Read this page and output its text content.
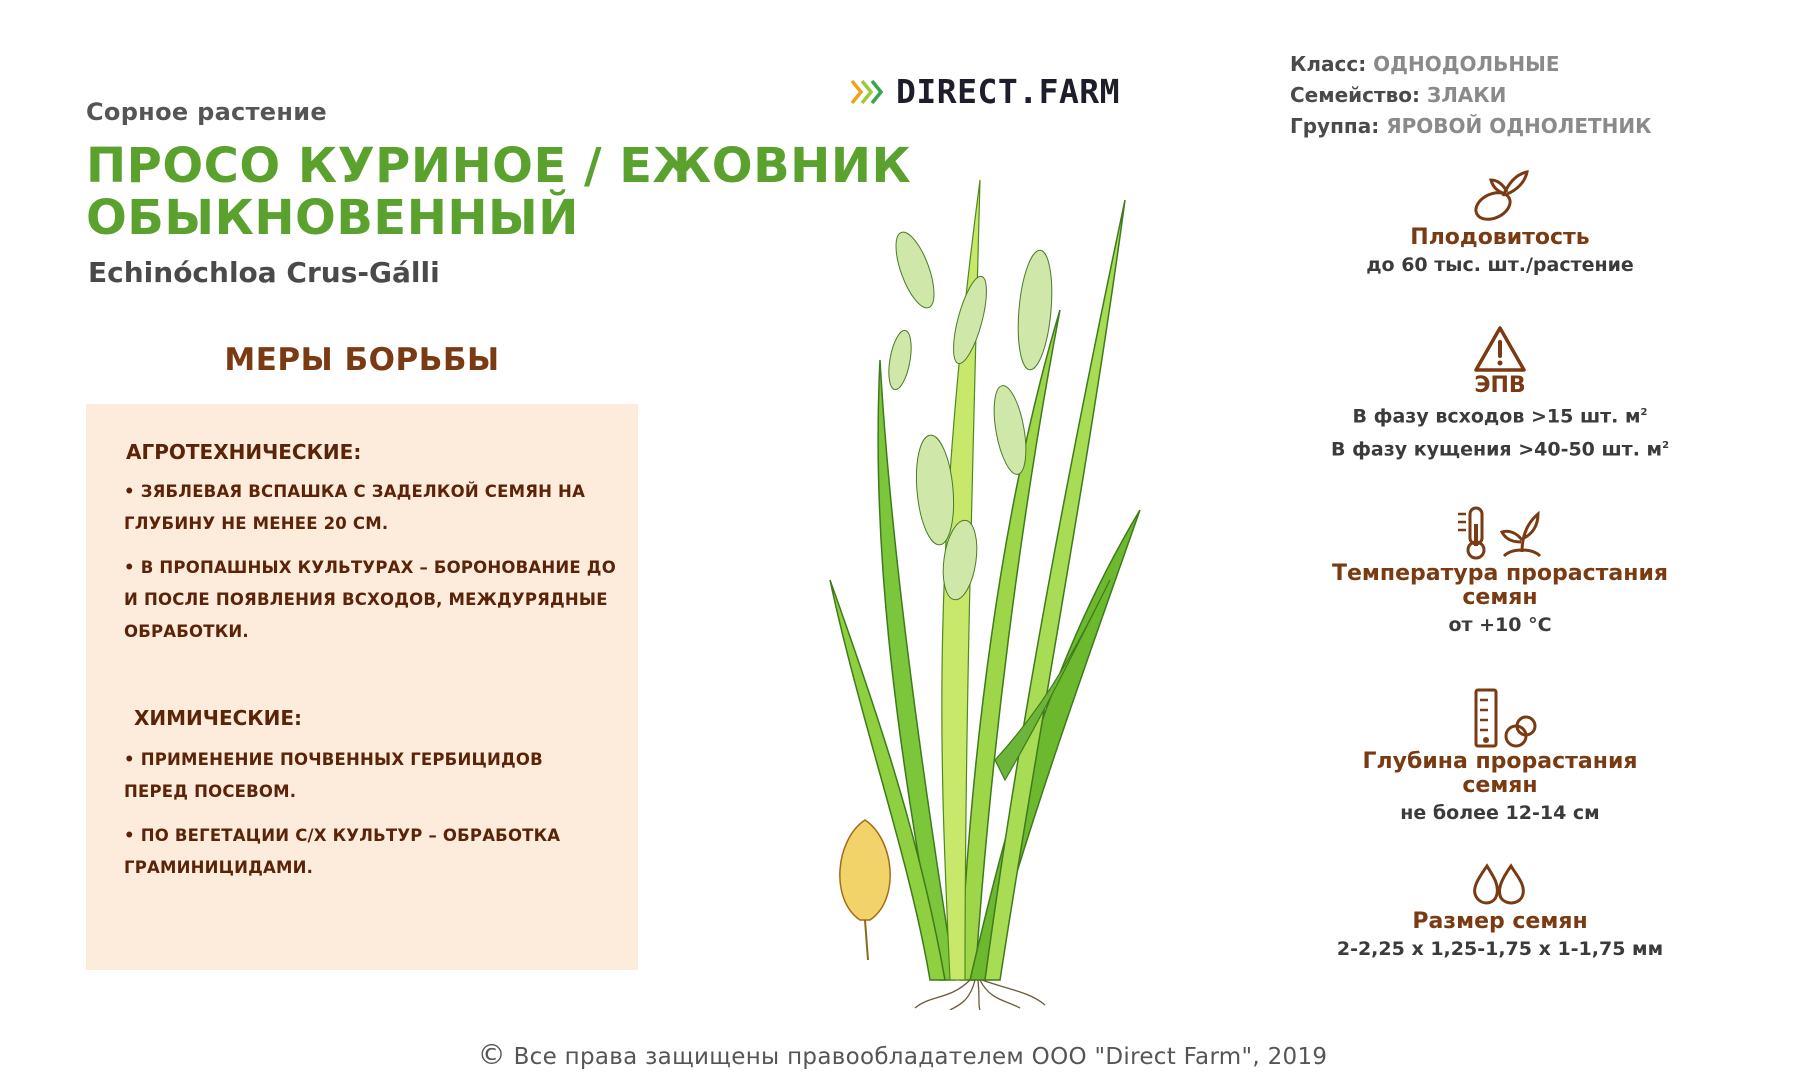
Сорное растение
ПРОСО КУРИНОЕ / ЕЖОВНИК
ОБЫКНОВЕННЫЙ
Echinóchloa Crus-Gálli
DIRECT.FARM
МЕРЫ БОРЬБЫ
АГРОТЕХНИЧЕСКИЕ:
• ЗЯБЛЕВАЯ ВСПАШКА С ЗАДЕЛКОЙ СЕМЯН НА
ГЛУБИНУ НЕ МЕНЕЕ 20 СМ.
• В ПРОПАШНЫХ КУЛЬТУРАХ – БОРОНОВАНИЕ ДО
И ПОСЛЕ ПОЯВЛЕНИЯ ВСХОДОВ, МЕЖДУРЯДНЫЕ
ОБРАБОТКИ.
ХИМИЧЕСКИЕ:
• ПРИМЕНЕНИЕ ПОЧВЕННЫХ ГЕРБИЦИДОВ
ПЕРЕД ПОСЕВОМ.
• ПО ВЕГЕТАЦИИ С/Х КУЛЬТУР – ОБРАБОТКА
ГРАМИНИЦИДАМИ.
Класс: ОДНОДОЛЬНЫЕ
Семейство: ЗЛАКИ
Группа: ЯРОВОЙ ОДНОЛЕТНИК
Плодовитость
до 60 тыс. шт./растение
ЭПВ
В фазу всходов >15 шт. $м^2$
В фазу кущения >40-50 шт. $м^2$
Температура прорастания
семян
от +10 °С
Глубина прорастания
семян
не более 12-14 см
Размер семян
2-2,25 х 1,25-1,75 х 1-1,75 мм
© Все права защищены правообладателем ООО "Direct Farm", 2019
